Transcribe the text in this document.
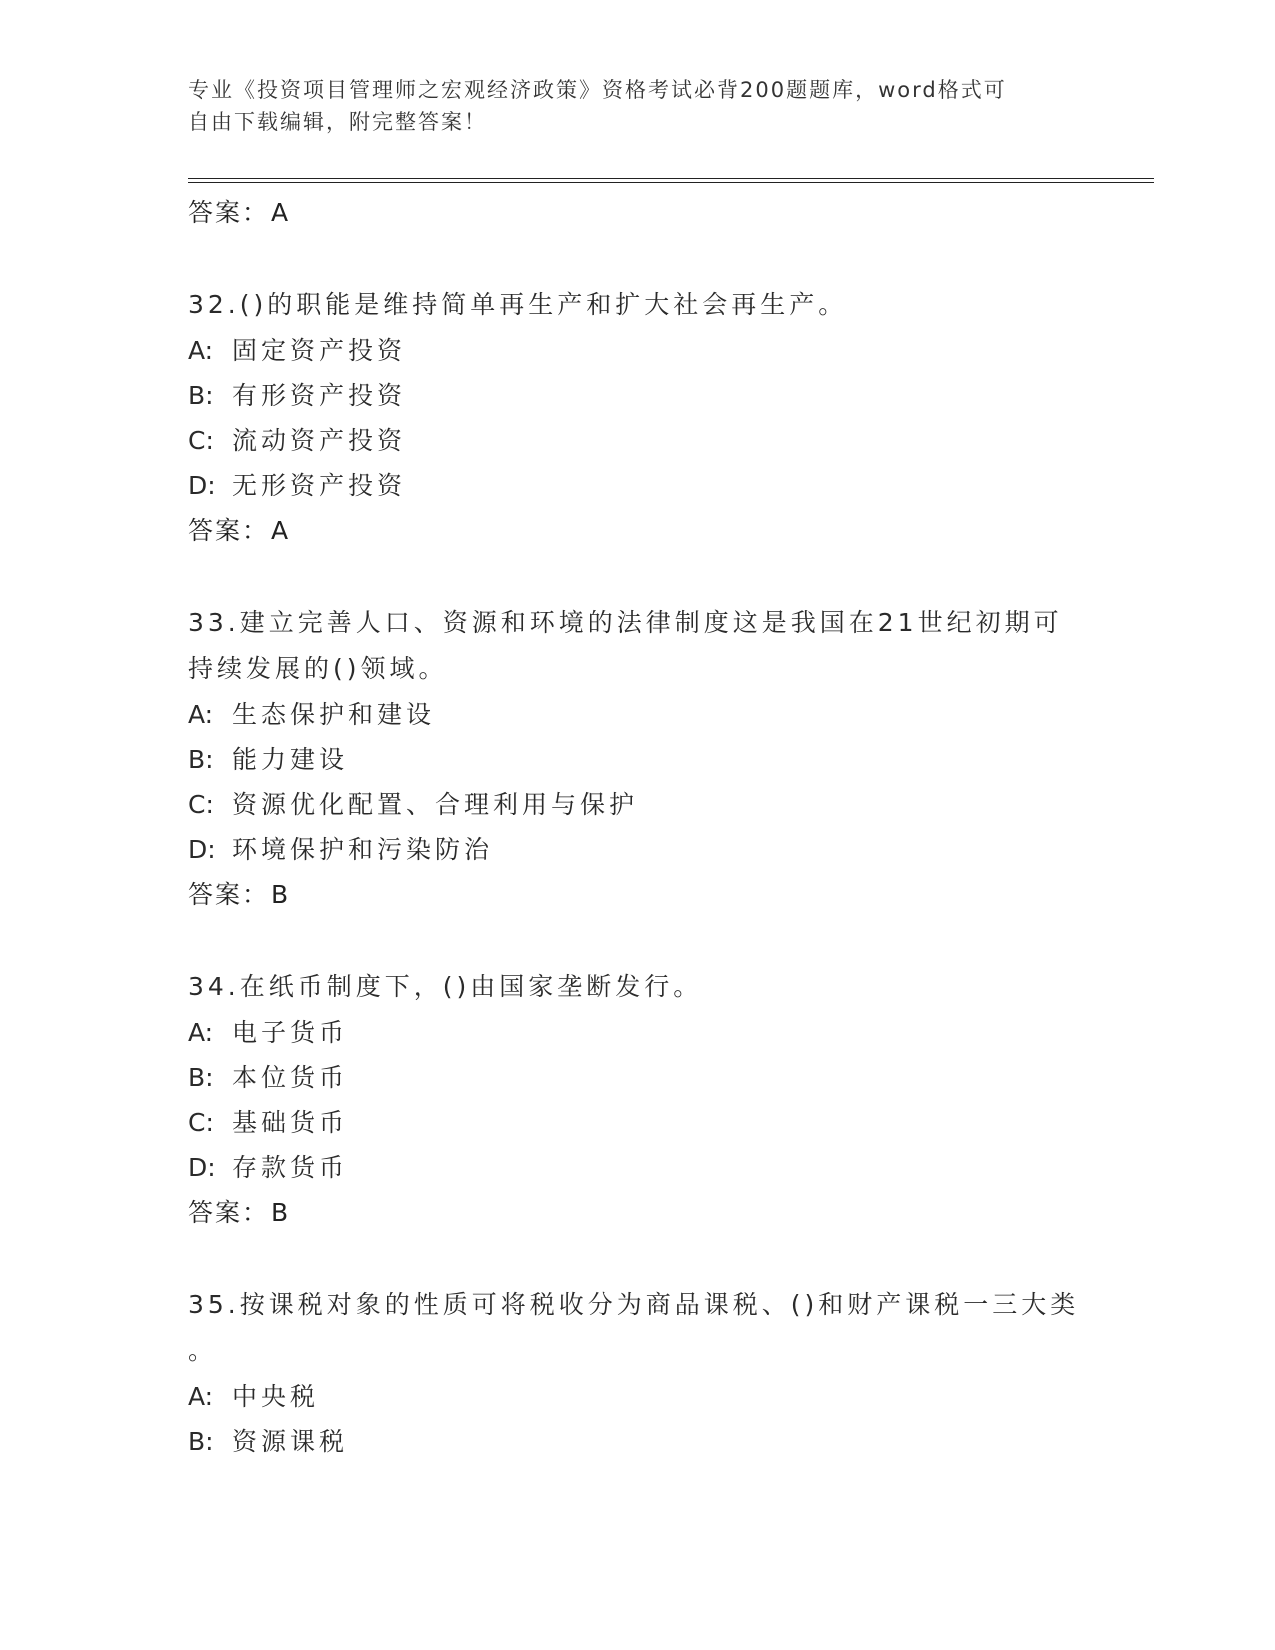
专业《投资项目管理师之宏观经济政策》资格考试必背200题题库，word格式可
自由下载编辑，附完整答案！
答案：A
32.()的职能是维持简单再生产和扩大社会再生产。
A: 固定资产投资
B: 有形资产投资
C: 流动资产投资
D: 无形资产投资
答案：A
33.建立完善人口、资源和环境的法律制度这是我国在21世纪初期可
持续发展的()领域。
A: 生态保护和建设
B: 能力建设
C: 资源优化配置、合理利用与保护
D: 环境保护和污染防治
答案：B
34.在纸币制度下，()由国家垄断发行。
A: 电子货币
B: 本位货币
C: 基础货币
D: 存款货币
答案：B
35.按课税对象的性质可将税收分为商品课税、()和财产课税一三大类
。
A: 中央税
B: 资源课税
